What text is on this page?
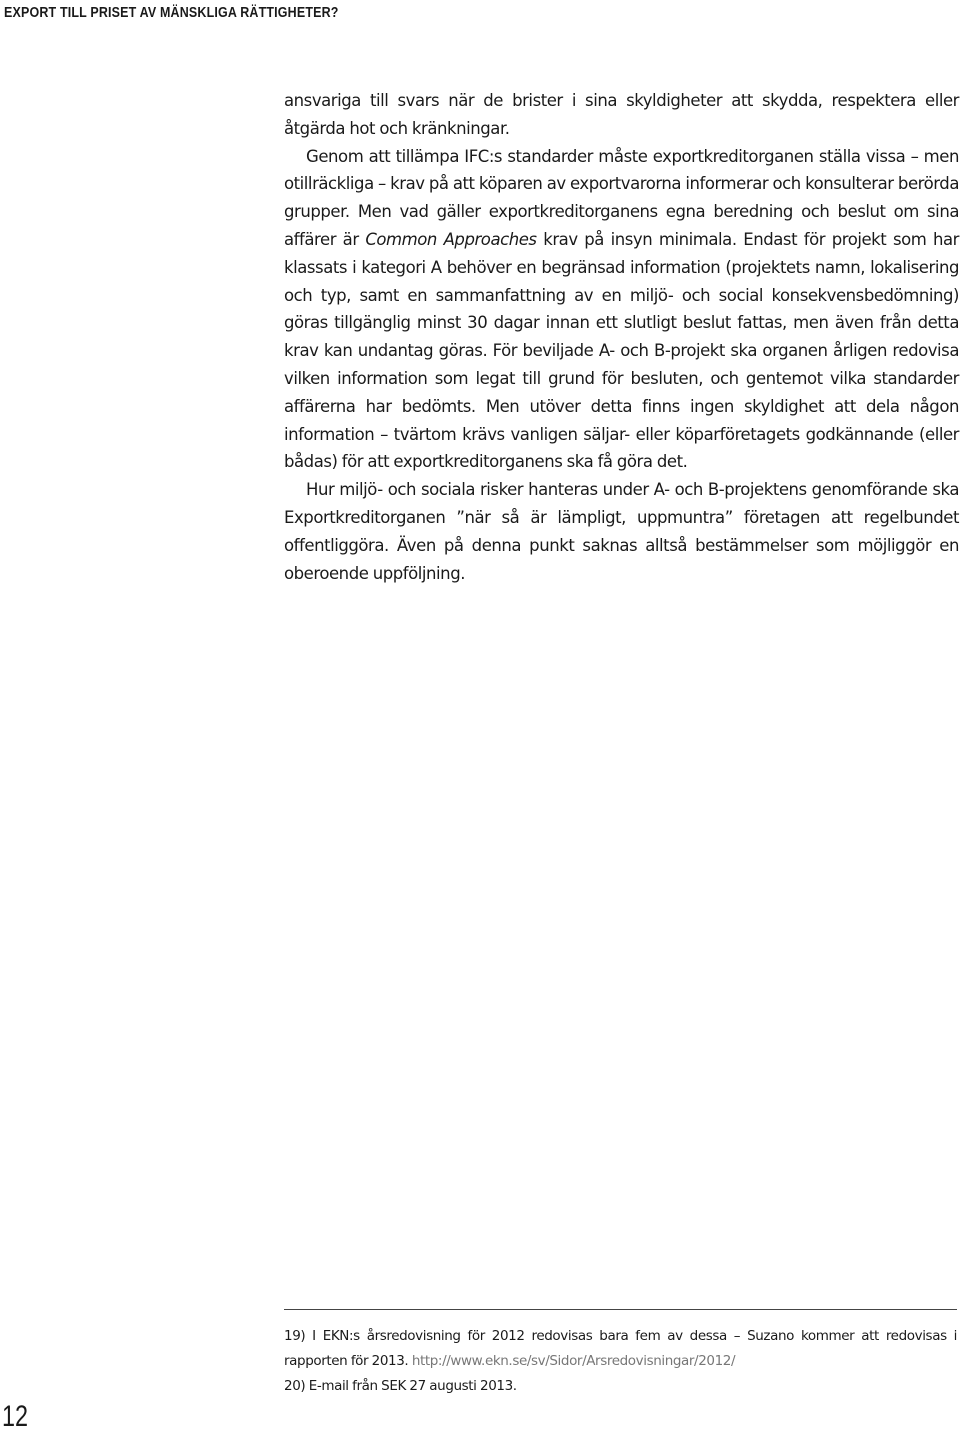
EXPORT TILL PRISET AV MÄNSKLIGA RÄTTIGHETER?

ansvariga till svars när de brister i sina skyldigheter att skydda, respektera eller åtgärda hot och kränkningar.

Genom att tillämpa IFC:s standarder måste exportkreditorganen ställa vissa – men otillräckliga – krav på att köparen av exportvarorna informerar och konsulterar berörda grupper. Men vad gäller exportkreditorganens egna beredning och beslut om sina affärer är Common Approaches krav på insyn minimala. Endast för projekt som har klassats i kategori A behöver en begränsad information (projektets namn, lokalisering och typ, samt en sammanfattning av en miljö- och social konsekvensbedömning) göras tillgänglig minst 30 dagar innan ett slutligt beslut fattas, men även från detta krav kan undantag göras. För beviljade A- och B-projekt ska organen årligen redovisa vilken information som legat till grund för besluten, och gentemot vilka standarder affärerna har bedömts. Men utöver detta finns ingen skyldighet att dela någon information – tvärtom krävs vanligen säljar- eller köparföretagets godkännande (eller bådas) för att exportkreditorganens ska få göra det.

Hur miljö- och sociala risker hanteras under A- och B-projektens genomförande ska Exportkreditorganen ”när så är lämpligt, uppmuntra” företagen att regelbundet offentliggöra. Även på denna punkt saknas alltså bestämmelser som möjliggör en oberoende uppföljning.

19) I EKN:s årsredovisning för 2012 redovisas bara fem av dessa – Suzano kommer att redovisas i rapporten för 2013. http://www.ekn.se/sv/Sidor/Arsredovisningar/2012/

20) E-mail från SEK 27 augusti 2013.

12
